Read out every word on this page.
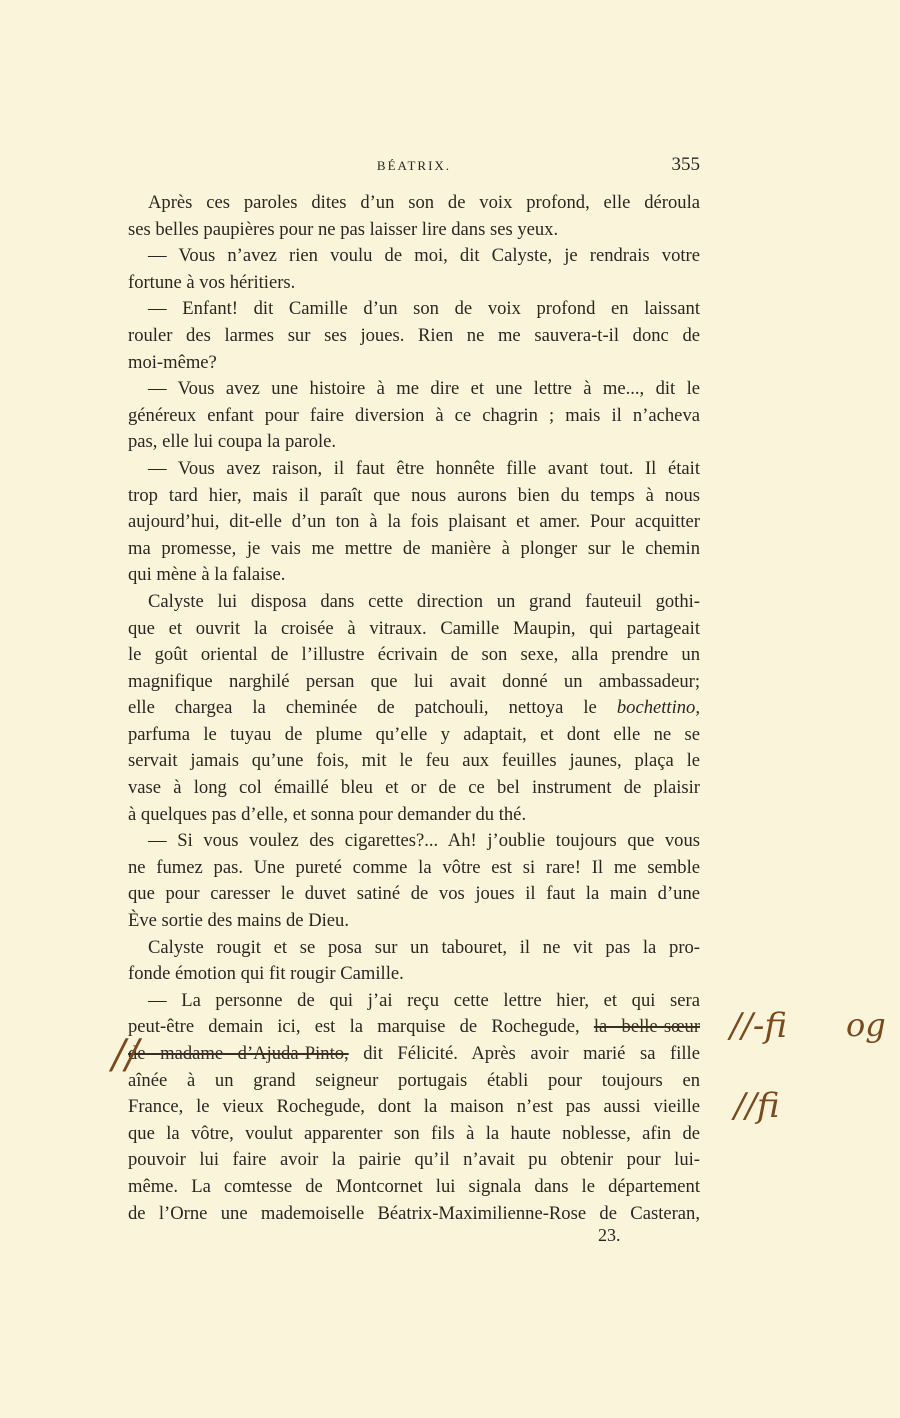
BÉATRIX.	355
Après ces paroles dites d’un son de voix profond, elle déroula
ses belles paupières pour ne pas laisser lire dans ses yeux.
— Vous n’avez rien voulu de moi, dit Calyste, je rendrais votre
fortune à vos héritiers.
— Enfant! dit Camille d’un son de voix profond en laissant
rouler des larmes sur ses joues. Rien ne me sauvera-t-il donc de
moi-même?
— Vous avez une histoire à me dire et une lettre à me..., dit le
généreux enfant pour faire diversion à ce chagrin ; mais il n’acheva
pas, elle lui coupa la parole.
— Vous avez raison, il faut être honnête fille avant tout. Il était
trop tard hier, mais il paraît que nous aurons bien du temps à nous
aujourd’hui, dit-elle d’un ton à la fois plaisant et amer. Pour acquitter
ma promesse, je vais me mettre de manière à plonger sur le chemin
qui mène à la falaise.
Calyste lui disposa dans cette direction un grand fauteuil gothi-
que et ouvrit la croisée à vitraux. Camille Maupin, qui partageait
le goût oriental de l’illustre écrivain de son sexe, alla prendre un
magnifique narghilé persan que lui avait donné un ambassadeur;
elle chargea la cheminée de patchouli, nettoya le bochettino,
parfuma le tuyau de plume qu’elle y adaptait, et dont elle ne se
servait jamais qu’une fois, mit le feu aux feuilles jaunes, plaça le
vase à long col émaillé bleu et or de ce bel instrument de plaisir
à quelques pas d’elle, et sonna pour demander du thé.
— Si vous voulez des cigarettes?... Ah! j’oublie toujours que vous
ne fumez pas. Une pureté comme la vôtre est si rare! Il me semble
que pour caresser le duvet satiné de vos joues il faut la main d’une
Ève sortie des mains de Dieu.
Calyste rougit et se posa sur un tabouret, il ne vit pas la pro-
fonde émotion qui fit rougir Camille.
— La personne de qui j’ai reçu cette lettre hier, et qui sera
peut-être demain ici, est la marquise de Rochegude, la belle-sœur
de madame d’Ajuda-Pinto, dit Félicité. Après avoir marié sa fille
aînée à un grand seigneur portugais établi pour toujours en
France, le vieux Rochegude, dont la maison n’est pas aussi vieille
que la vôtre, voulut apparenter son fils à la haute noblesse, afin de
pouvoir lui faire avoir la pairie qu’il n’avait pu obtenir pour lui-
même. La comtesse de Montcornet lui signala dans le département
de l’Orne une mademoiselle Béatrix-Maximilienne-Rose de Casteran,
23.
//
//-fi og
//fi
